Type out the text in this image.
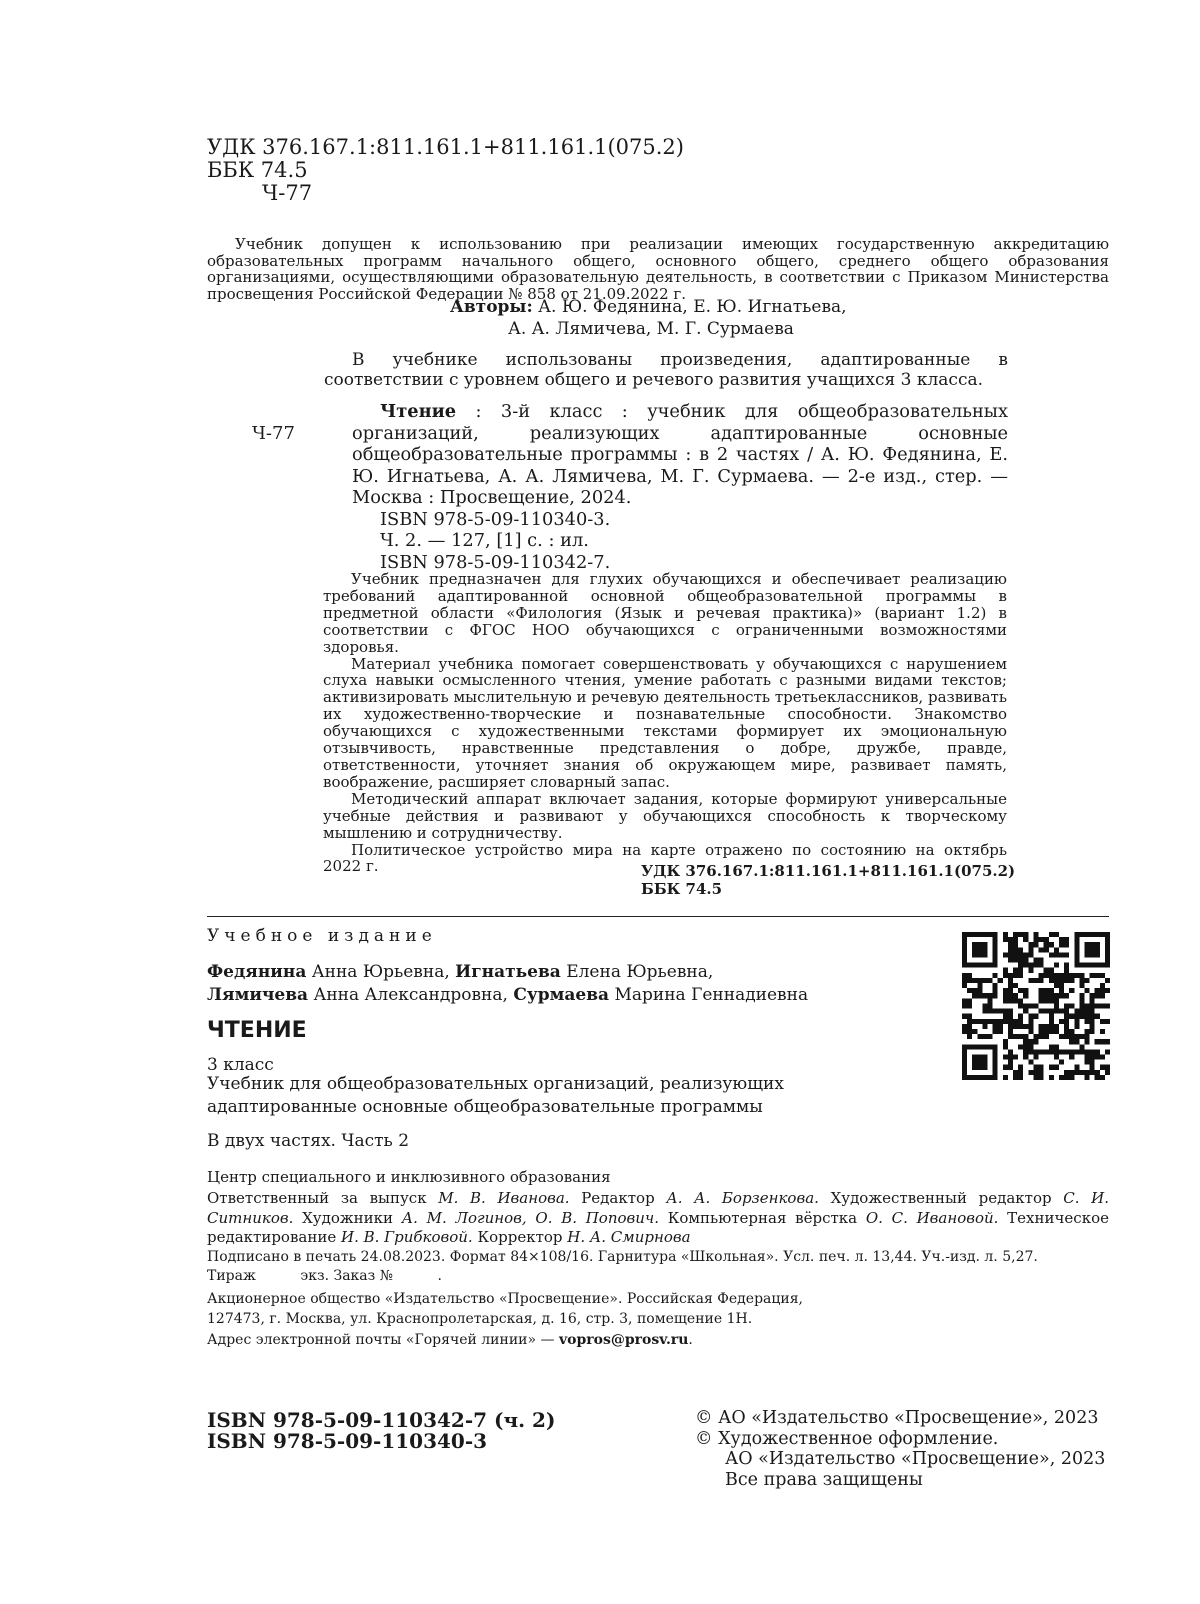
УДК 376.167.1:811.161.1+811.161.1(075.2)
ББК 74.5
Ч-77
Учебник допущен к использованию при реализации имеющих государственную аккредитацию образовательных программ начального общего, основного общего, среднего общего образования организациями, осуществляющими образовательную деятельность, в соответствии с Приказом Министерства просвещения Российской Федерации № 858 от 21.09.2022 г.
Авторы: А. Ю. Федянина, Е. Ю. Игнатьева,
А. А. Лямичева, М. Г. Сурмаева
В учебнике использованы произведения, адаптированные в соответствии с уровнем общего и речевого развития учащихся 3 класса.
Ч-77

Чтение : 3-й класс : учебник для общеобразовательных организаций, реализующих адаптированные основные общеобразовательные программы : в 2 частях / А. Ю. Федянина, Е. Ю. Игнатьева, А. А. Лямичева, М. Г. Сурмаева. — 2-е изд., стер. — Москва : Просвещение, 2024.

ISBN 978-5-09-110340-3.

Ч. 2. — 127, [1] с. : ил.

ISBN 978-5-09-110342-7.

Учебник предназначен для глухих обучающихся и обеспечивает реализацию требований адаптированной основной общеобразовательной программы в предметной области «Филология (Язык и речевая практика)» (вариант 1.2) в соответствии с ФГОС НОО обучающихся с ограниченными возможностями здоровья.

Материал учебника помогает совершенствовать у обучающихся с нарушением слуха навыки осмысленного чтения, умение работать с разными видами текстов; активизировать мыслительную и речевую деятельность третьеклассников, развивать их художественно-творческие и познавательные способности. Знакомство обучающихся с художественными текстами формирует их эмоциональную отзывчивость, нравственные представления о добре, дружбе, правде, ответственности, уточняет знания об окружающем мире, развивает память, воображение, расширяет словарный запас.

Методический аппарат включает задания, которые формируют универсальные учебные действия и развивают у обучающихся способность к творческому мышлению и сотрудничеству.

Политическое устройство мира на карте отражено по состоянию на октябрь 2022 г.	УДК 376.167.1:811.161.1+811.161.1(075.2)
ББК 74.5
Учебное издание
Федянина Анна Юрьевна, Игнатьева Елена Юрьевна,
Лямичева Анна Александровна, Сурмаева Марина Геннадиевна
ЧТЕНИЕ
3 класс
Учебник для общеобразовательных организаций, реализующих
адаптированные основные общеобразовательные программы
В двух частях. Часть 2
Центр специального и инклюзивного образования
Ответственный за выпуск М. В. Иванова. Редактор А. А. Борзенкова. Художественный редактор С. И. Ситников. Художники А. М. Логинов, О. В. Попович. Компьютерная вёрстка О. С. Ивановой. Техническое редактирование И. В. Грибковой. Корректор Н. А. Смирнова
Подписано в печать 24.08.2023. Формат 84×108/16. Гарнитура «Школьная». Усл. печ. л. 13,44. Уч.-изд. л. 5,27.
Тираж          экз. Заказ №          .
Акционерное общество «Издательство «Просвещение». Российская Федерация,
127473, г. Москва, ул. Краснопролетарская, д. 16, стр. 3, помещение 1Н.
Адрес электронной почты «Горячей линии» — vopros@prosv.ru.
ISBN 978-5-09-110342-7 (ч. 2)
ISBN 978-5-09-110340-3
© АО «Издательство «Просвещение», 2023
© Художественное оформление.
АО «Издательство «Просвещение», 2023
Все права защищены
